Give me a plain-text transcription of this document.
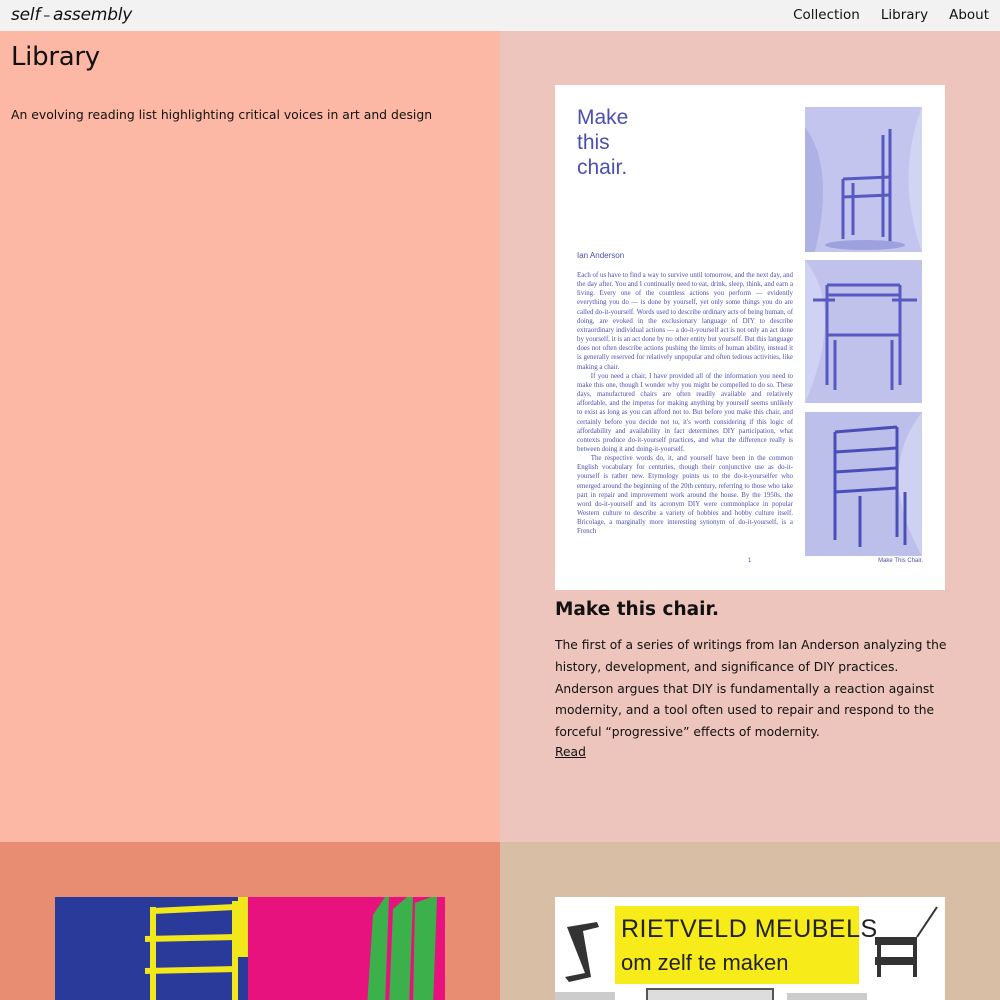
self – assembly	Collection Library About
Library

An evolving reading list highlighting critical voices in art and design	Make
this
chair.
Ian Anderson
Each of us have to find a way to survive until tomorrow, and the next day, and the day after. You and I continually need to eat, drink, sleep, think, and earn a living. Every one of the countless actions you perform — evidently everything you do — is done by yourself, yet only some things you do are called do-it-yourself. Words used to describe ordinary acts of being human, of doing, are evoked in the exclusionary language of DIY to describe extraordinary individual actions — a do-it-yourself act is not only an act done by yourself, it is an act done by no other entity but yourself. But this language does not often describe actions pushing the limits of human ability, instead it is generally reserved for relatively unpopular and often tedious activities, like making a chair.
  If you need a chair, I have provided all of the information you need to make this one, though I wonder why you might be compelled to do so. These days, manufactured chairs are often readily available and relatively affordable, and the impetus for making anything by yourself seems unlikely to exist as long as you can afford not to. But before you make this chair, and certainly before you decide not to, it's worth considering if this logic of affordability and availability in fact determines DIY participation, what contexts produce do-it-yourself practices, and what the difference really is between doing it and doing-it-yourself.
  The respective words do, it, and yourself have been in the common English vocabulary for centuries, though their conjunctive use as do-it-yourself is rather new. Etymology points us to the do-it-yourselfer who emerged around the beginning of the 20th century, referring to those who take part in repair and improvement work around the house. By the 1950s, the word do-it-yourself and its acronym DIY were commonplace in popular Western culture to describe a variety of hobbies and hobby culture itself. Bricolage, a marginally more interesting synonym of do-it-yourself, is a French
1	Make This Chair.
Make this chair.

The first of a series of writings from Ian Anderson analyzing the history, development, and significance of DIY practices. Anderson argues that DIY is fundamentally a reaction against modernity, and a tool often used to repair and respond to the forceful “progressive” effects of modernity.

Read
RIETVELD MEUBELS
om zelf te maken
